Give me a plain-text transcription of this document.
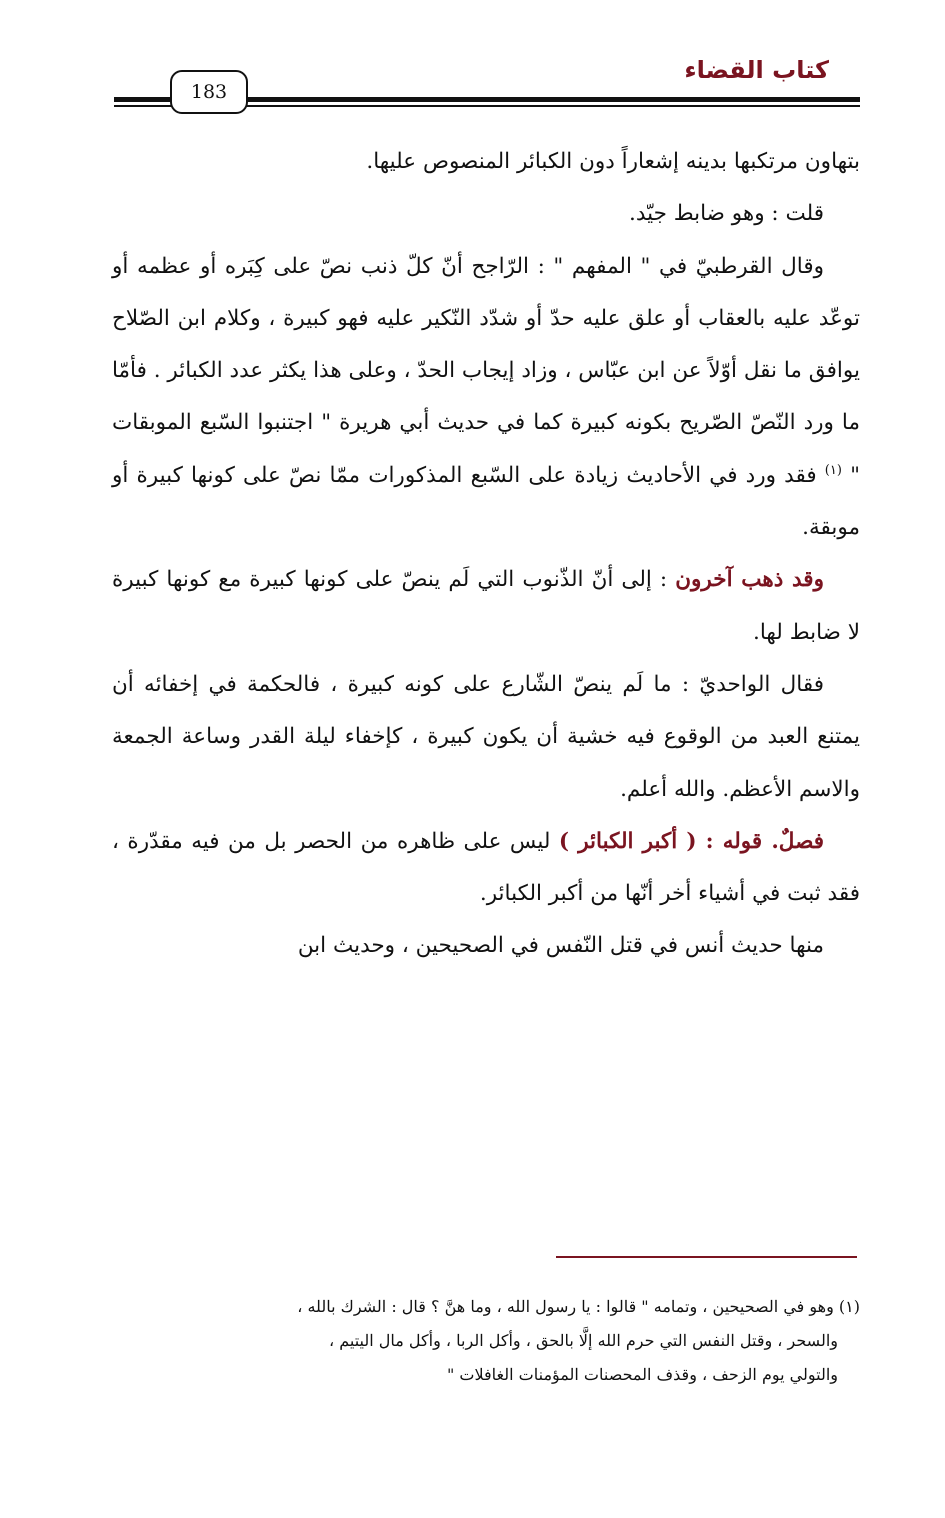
كتاب القضاء
183

بتهاون مرتكبها بدينه إشعاراً دون الكبائر المنصوص عليها.

قلت : وهو ضابط جيّد.

وقال القرطبيّ في " المفهم " : الرّاجح أنّ كلّ ذنب نصّ على كِبَره أو عظمه أو توعّد عليه بالعقاب أو علق عليه حدّ أو شدّد النّكير عليه فهو كبيرة ، وكلام ابن الصّلاح يوافق ما نقل أوّلاً عن ابن عبّاس ، وزاد إيجاب الحدّ ، وعلى هذا يكثر عدد الكبائر . فأمّا ما ورد النّصّ الصّريح بكونه كبيرة كما في حديث أبي هريرة " اجتنبوا السّبع الموبقات " $^{(١)}$ فقد ورد في الأحاديث زيادة على السّبع المذكورات ممّا نصّ على كونها كبيرة أو موبقة.

وقد ذهب آخرون : إلى أنّ الذّنوب التي لَم ينصّ على كونها كبيرة مع كونها كبيرة لا ضابط لها.

فقال الواحديّ : ما لَم ينصّ الشّارع على كونه كبيرة ، فالحكمة في إخفائه أن يمتنع العبد من الوقوع فيه خشية أن يكون كبيرة ، كإخفاء ليلة القدر وساعة الجمعة والاسم الأعظم. والله أعلم.

فصلٌ. قوله : ( أكبر الكبائر ) ليس على ظاهره من الحصر بل من فيه مقدّرة ، فقد ثبت في أشياء أخر أنّها من أكبر الكبائر.

منها حديث أنس في قتل النّفس في الصحيحين ، وحديث ابن

(١) وهو في الصحيحين ، وتمامه " قالوا : يا رسول الله ، وما هنَّ ؟ قال : الشرك بالله ،

والسحر ، وقتل النفس التي حرم الله إلَّا بالحق ، وأكل الربا ، وأكل مال اليتيم ،

والتولي يوم الزحف ، وقذف المحصنات المؤمنات الغافلات "
